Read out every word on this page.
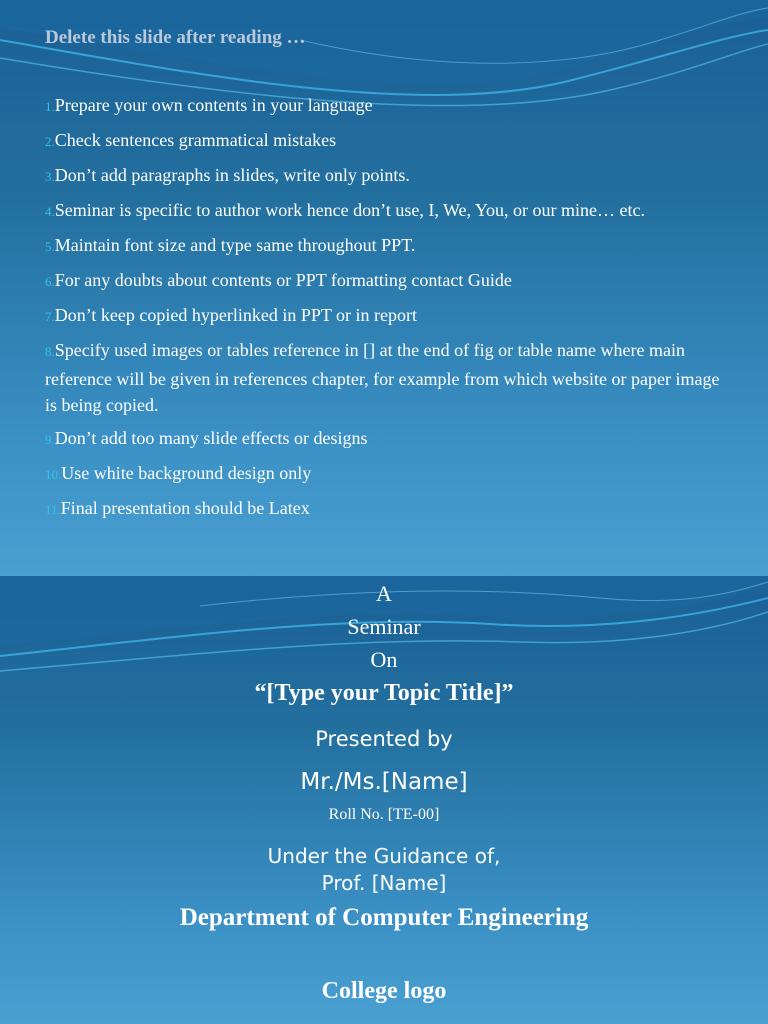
Delete this slide after reading …

1.Prepare your own contents in your language
2.Check sentences grammatical mistakes
3.Don’t add paragraphs in slides, write only points.
4.Seminar is specific to author work hence don’t use, I, We, You, or our mine… etc.
5.Maintain font size and type same throughout PPT.
6.For any doubts about contents or PPT formatting contact Guide
7.Don’t keep copied hyperlinked in PPT or in report
8.Specify used images or tables reference in [] at the end of fig or table name where main reference will be given in references chapter, for example from which website or paper image is being copied.
9.Don’t add too many slide effects or designs
10.Use white background design only
11.Final presentation should be Latex
A
Seminar
On
“[Type your Topic Title]”
Presented by
Mr./Ms.[Name]
Roll No. [TE-00]
Under the Guidance of,
Prof. [Name]
Department of Computer Engineering
College logo
